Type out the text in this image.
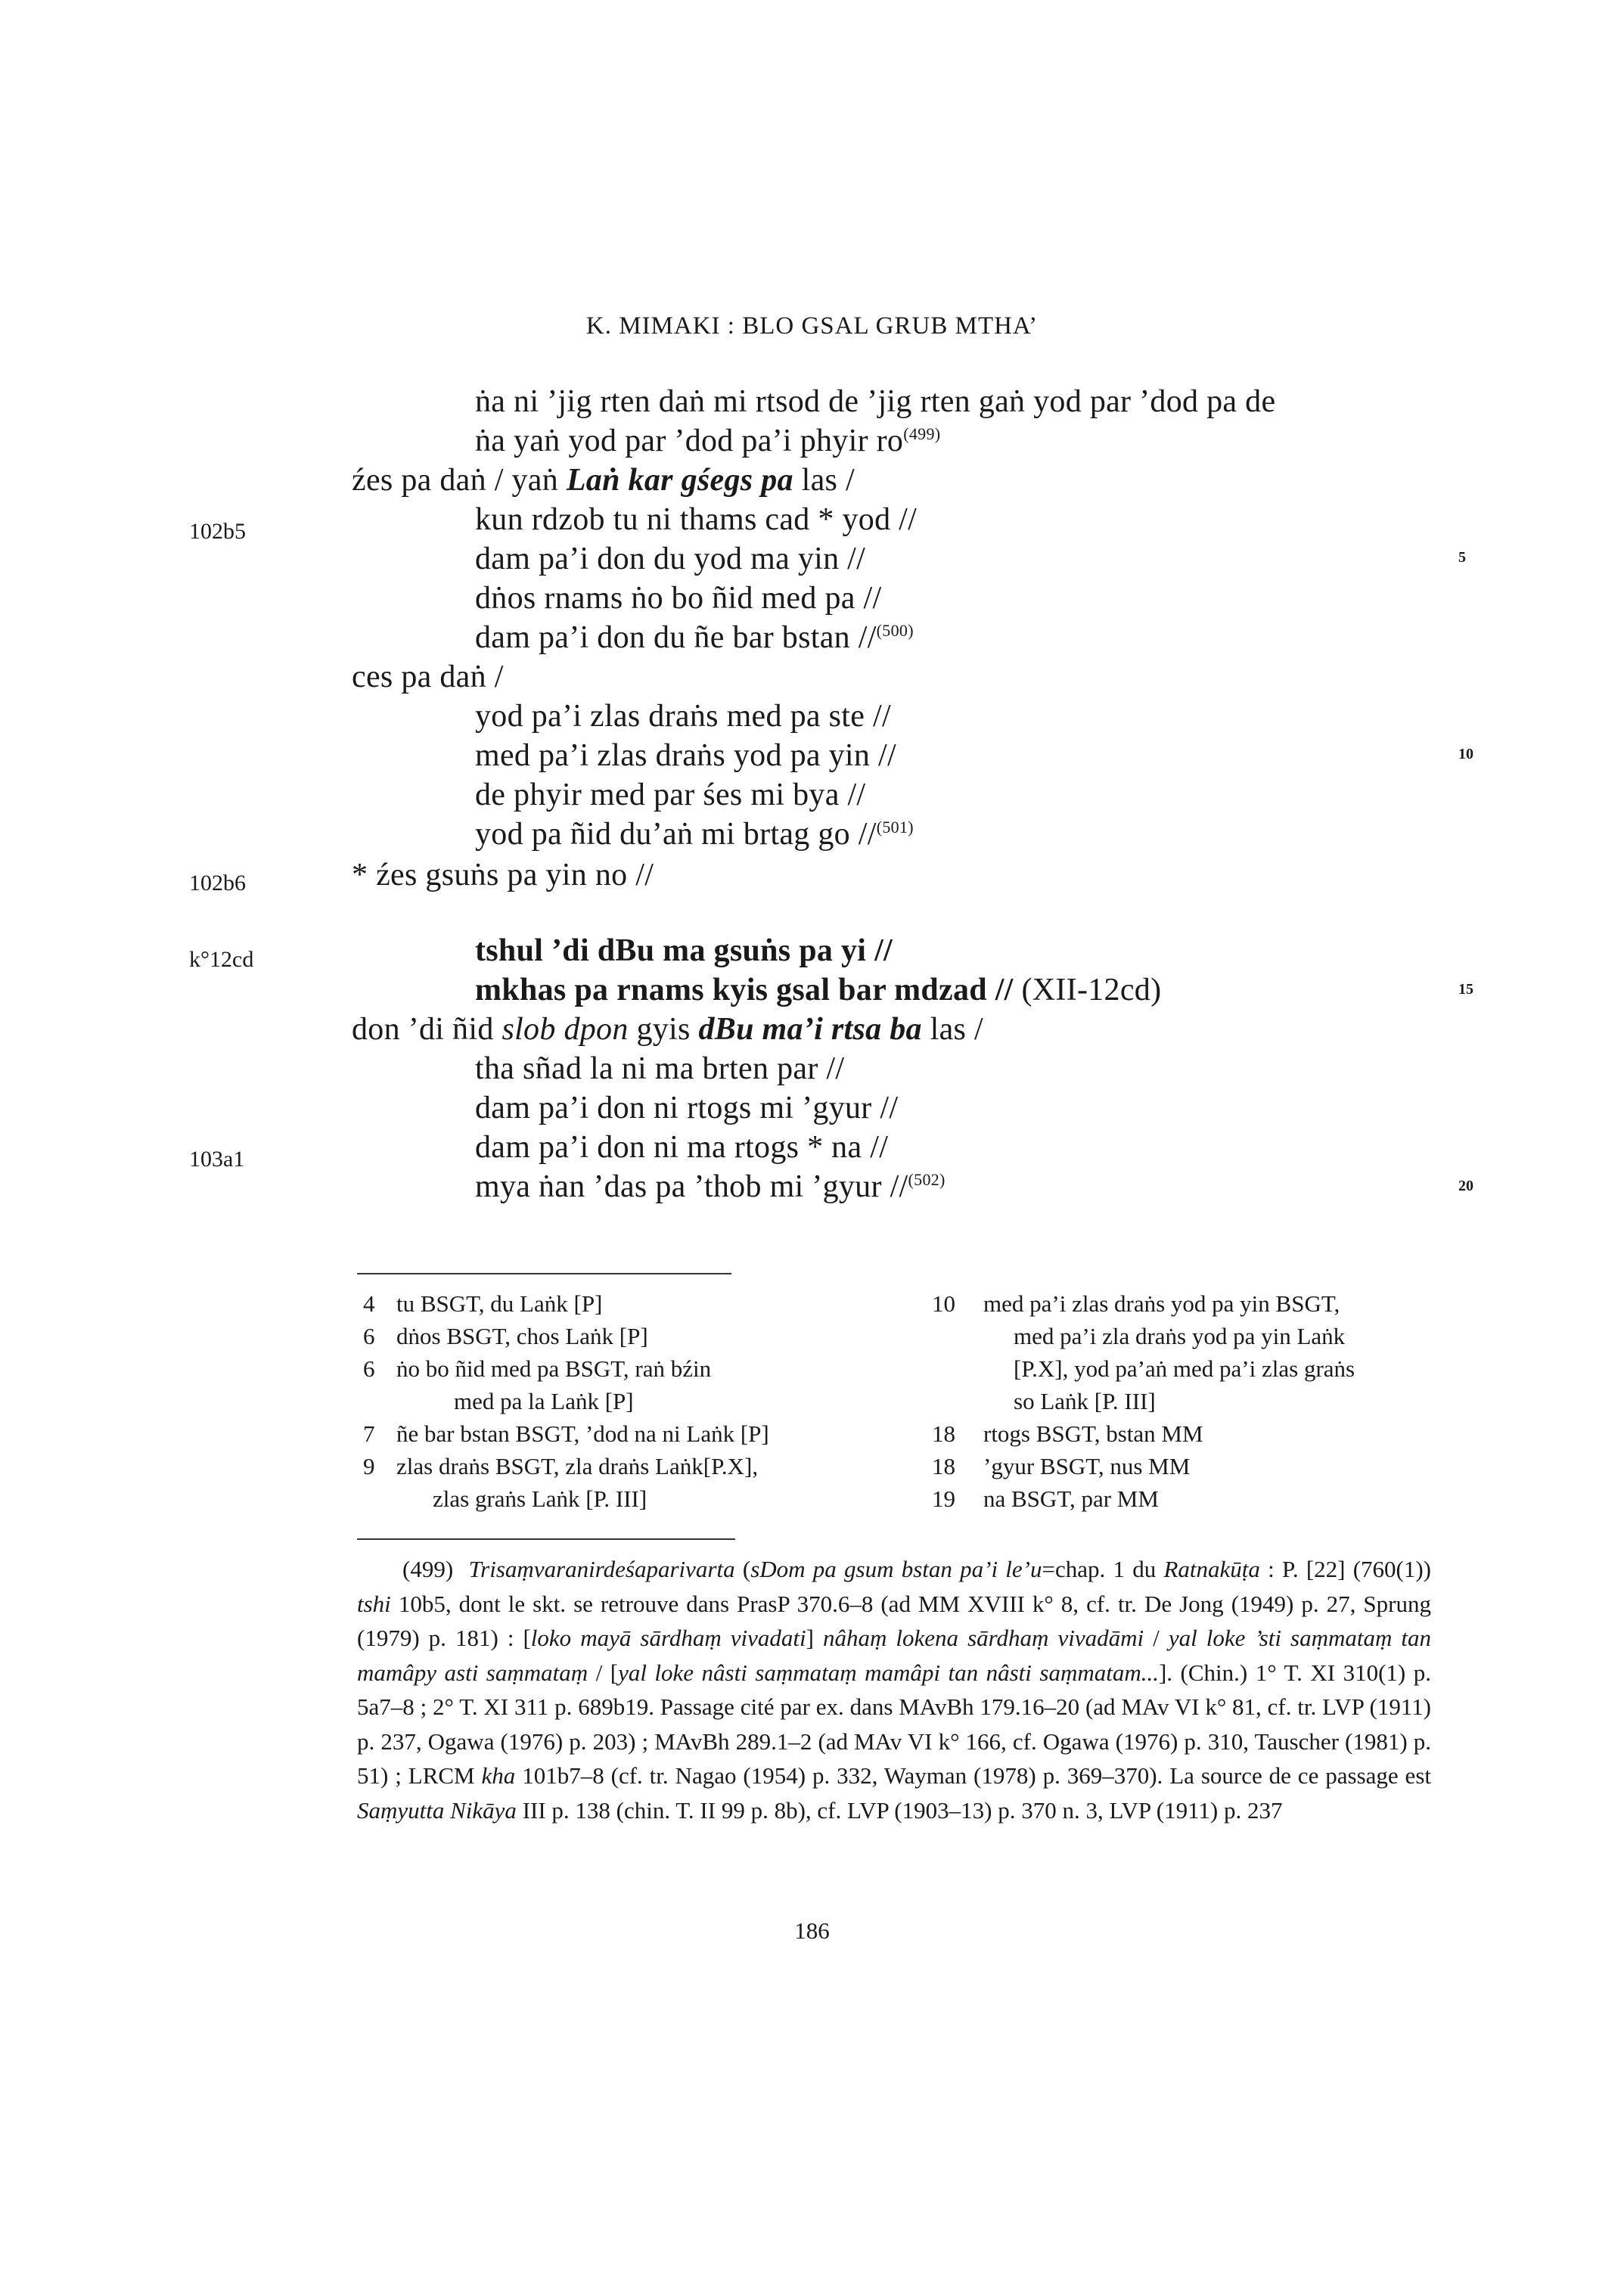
K. MIMAKI : BLO GSAL GRUB MTHA’
ṅa ni ’jig rten daṅ mi rtsod de ’jig rten gaṅ yod par ’dod pa de
ṅa yaṅ yod par ’dod pa’i phyir $ro^{(499)}$
źes pa daṅ / yaṅ Laṅ kar gśegs pa las /
kun rdzob tu ni thams cad * yod //
dam pa’i don du yod ma yin //
dṅos rnams ṅo bo ñid med pa //
dam pa’i don du ñe bar bstan //$^{(500)}$
ces pa daṅ /
yod pa’i zlas draṅs med pa ste //
med pa’i zlas draṅs yod pa yin //
de phyir med par śes mi bya //
yod pa ñid du’aṅ mi brtag go //$^{(501)}$
* źes gsuṅs pa yin no //
tshul ’di dBu ma gsuṅs pa yi //
mkhas pa rnams kyis gsal bar mdzad // (XII-12cd)
don ’di ñid slob dpon gyis dBu ma’i rtsa ba las /
tha sñad la ni ma brten par //
dam pa’i don ni rtogs mi ’gyur //
dam pa’i don ni ma rtogs * na //
mya ṅan ’das pa ’thob mi ’gyur //$^{(502)}$
102b5
102b6
k°12cd
103a1
5
10
15
20
4 tu BSGT, du Laṅk [P]
6 dṅos BSGT, chos Laṅk [P]
6 ṅo bo ñid med pa BSGT, raṅ bźin
med pa la Laṅk [P]
7 ñe bar bstan BSGT, ’dod na ni Laṅk [P]
9 zlas draṅs BSGT, zla draṅs Laṅk[P.X],
zlas graṅs Laṅk [P. III]
10 med pa’i zlas draṅs yod pa yin BSGT,
med pa’i zla draṅs yod pa yin Laṅk
[P.X], yod pa’aṅ med pa’i zlas graṅs
so Laṅk [P. III]
18 rtogs BSGT, bstan MM
18 ’gyur BSGT, nus MM
19 na BSGT, par MM
(499) Trisaṃvaranirdeśaparivarta (sDom pa gsum bstan pa’i le’u=chap. 1 du Ratnakūṭa : P. [22] (760(1)) tshi 10b5, dont le skt. se retrouve dans PrasP 370.6–8 (ad MM XVIII k° 8, cf. tr. De Jong (1949) p. 27, Sprung (1979) p. 181) : [loko mayā sārdhaṃ vivadati] nâhaṃ lokena sārdhaṃ vivadāmi / yal loke ’sti saṃmataṃ tan mamâpy asti saṃmataṃ / [yal loke nâsti saṃmataṃ mamâpi tan nâsti saṃmatam...]. (Chin.) 1° T. XI 310(1) p. 5a7–8 ; 2° T. XI 311 p. 689b19. Passage cité par ex. dans MAvBh 179.16–20 (ad MAv VI k° 81, cf. tr. LVP (1911) p. 237, Ogawa (1976) p. 203) ; MAvBh 289.1–2 (ad MAv VI k° 166, cf. Ogawa (1976) p. 310, Tauscher (1981) p. 51) ; LRCM kha 101b7–8 (cf. tr. Nagao (1954) p. 332, Wayman (1978) p. 369–370). La source de ce passage est Saṃyutta Nikāya III p. 138 (chin. T. II 99 p. 8b), cf. LVP (1903–13) p. 370 n. 3, LVP (1911) p. 237
186
